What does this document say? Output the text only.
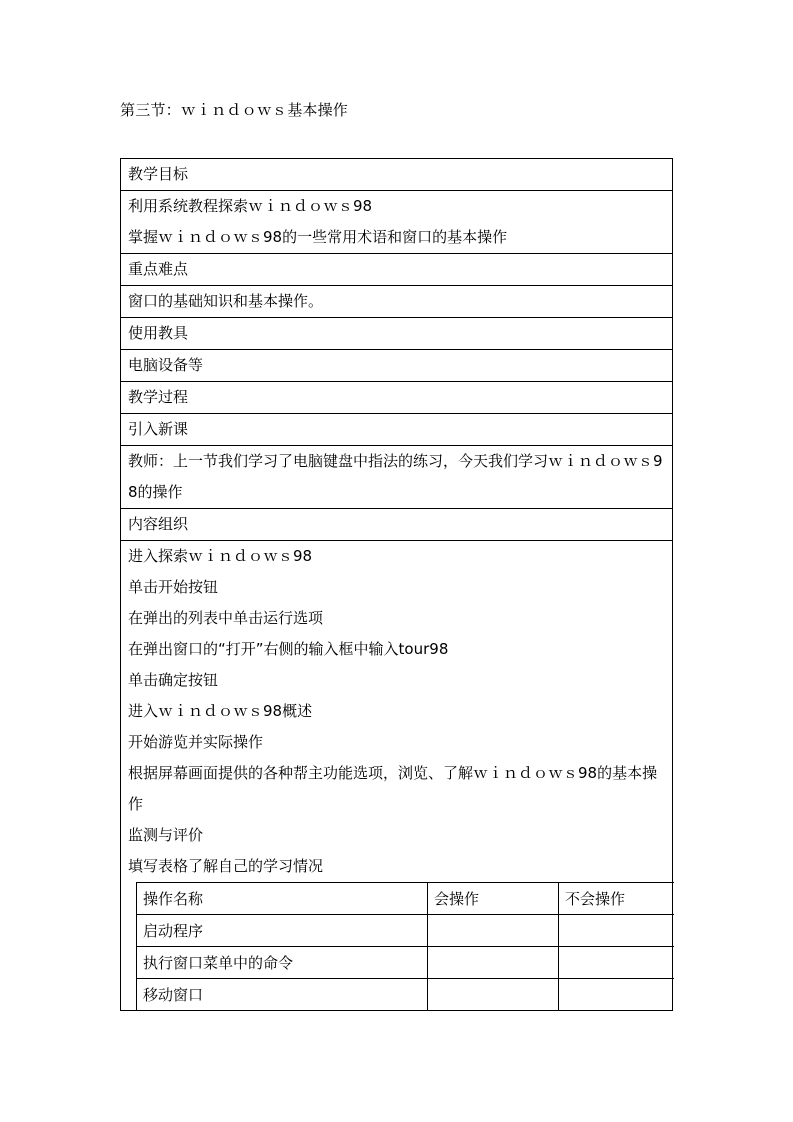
第三节：ｗｉｎｄｏｗｓ基本操作
教学目标

利用系统教程探索ｗｉｎｄｏｗｓ98
掌握ｗｉｎｄｏｗｓ98的一些常用术语和窗口的基本操作

重点难点

窗口的基础知识和基本操作。

使用教具

电脑设备等

教学过程

引入新课

教师：上一节我们学习了电脑键盘中指法的练习，今天我们学习ｗｉｎｄｏｗｓ98的操作

内容组织

进入探索ｗｉｎｄｏｗｓ98
单击开始按钮
在弹出的列表中单击运行选项
在弹出窗口的“打开”右侧的输入框中输入tour98
单击确定按钮
进入ｗｉｎｄｏｗｓ98概述
开始游览并实际操作
根据屏幕画面提供的各种帮主功能选项，浏览、了解ｗｉｎｄｏｗｓ98的基本操作
监测与评价
填写表格了解自己的学习情况
操作名称	会操作	不会操作
启动程序		
执行窗口菜单中的命令		
移动窗口		
